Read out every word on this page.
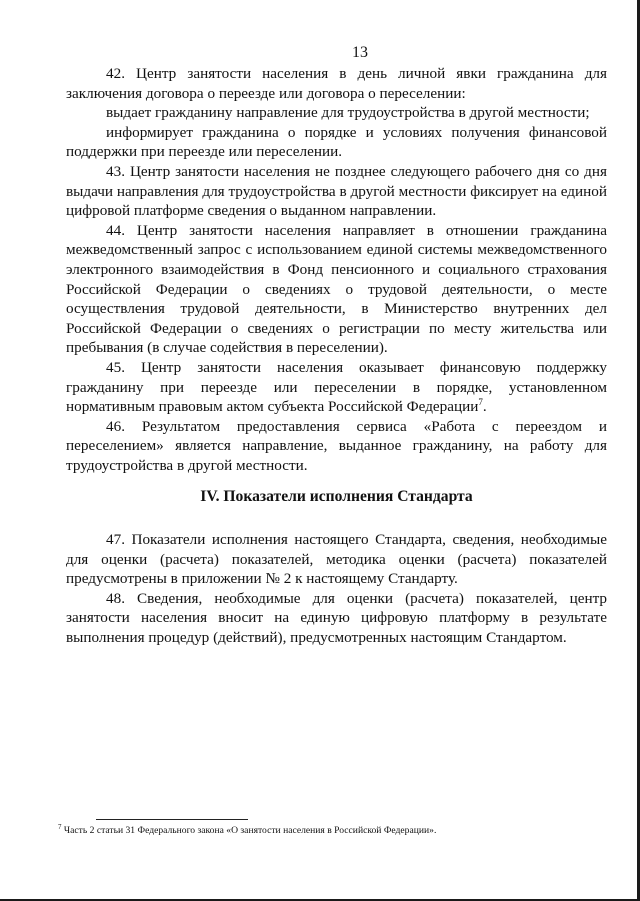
13

42. Центр занятости населения в день личной явки гражданина для заключения договора о переезде или договора о переселении:

выдает гражданину направление для трудоустройства в другой местности;

информирует гражданина о порядке и условиях получения финансовой поддержки при переезде или переселении.

43. Центр занятости населения не позднее следующего рабочего дня со дня выдачи направления для трудоустройства в другой местности фиксирует на единой цифровой платформе сведения о выданном направлении.

44. Центр занятости населения направляет в отношении гражданина межведомственный запрос с использованием единой системы межведомственного электронного взаимодействия в Фонд пенсионного и социального страхования Российской Федерации о сведениях о трудовой деятельности, о месте осуществления трудовой деятельности, в Министерство внутренних дел Российской Федерации о сведениях о регистрации по месту жительства или пребывания (в случае содействия в переселении).

45. Центр занятости населения оказывает финансовую поддержку гражданину при переезде или переселении в порядке, установленном нормативным правовым актом субъекта Российской Федерации$^7$.

46. Результатом предоставления сервиса «Работа с переездом и переселением» является направление, выданное гражданину, на работу для трудоустройства в другой местности.

IV. Показатели исполнения Стандарта

47. Показатели исполнения настоящего Стандарта, сведения, необходимые для оценки (расчета) показателей, методика оценки (расчета) показателей предусмотрены в приложении № 2 к настоящему Стандарту.

48. Сведения, необходимые для оценки (расчета) показателей, центр занятости населения вносит на единую цифровую платформу в результате выполнения процедур (действий), предусмотренных настоящим Стандартом.

$^7$ Часть 2 статьи 31 Федерального закона «О занятости населения в Российской Федерации».
